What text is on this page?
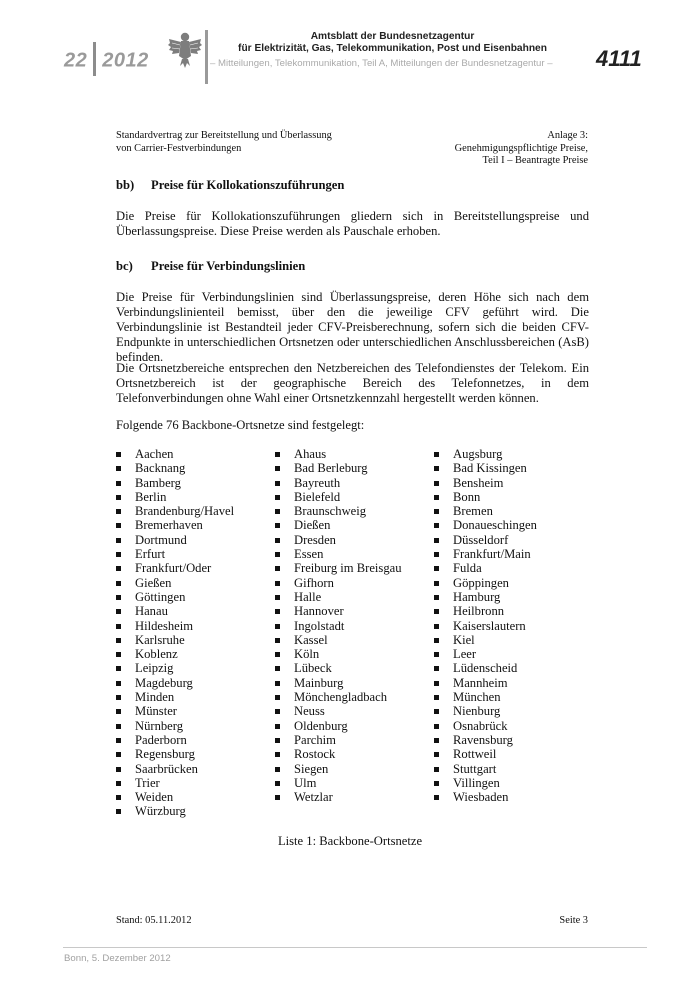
22 2012
Amtsblatt der Bundesnetzagentur
für Elektrizität, Gas, Telekommunikation, Post und Eisenbahnen
– Mitteilungen, Telekommunikation, Teil A, Mitteilungen der Bundesnetzagentur – 4111
Standardvertrag zur Bereitstellung und Überlassung
von Carrier-Festverbindungen
Anlage 3:
Genehmigungspflichtige Preise,
Teil I – Beantragte Preise
bb) Preise für Kollokationszuführungen
Die Preise für Kollokationszuführungen gliedern sich in Bereitstellungspreise und Überlassungspreise. Diese Preise werden als Pauschale erhoben.
bc) Preise für Verbindungslinien
Die Preise für Verbindungslinien sind Überlassungspreise, deren Höhe sich nach dem Verbindungslinienteil bemisst, über den die jeweilige CFV geführt wird. Die Verbindungslinie ist Bestandteil jeder CFV-Preisberechnung, sofern sich die beiden CFV-Endpunkte in unterschiedlichen Ortsnetzen oder unterschiedlichen Anschlussbereichen (AsB) befinden.
Die Ortsnetzbereiche entsprechen den Netzbereichen des Telefondienstes der Telekom. Ein Ortsnetzbereich ist der geographische Bereich des Telefonnetzes, in dem Telefonverbindungen ohne Wahl einer Ortsnetzkennzahl hergestellt werden können.
Folgende 76 Backbone-Ortsnetze sind festgelegt:
Aachen
Backnang
Bamberg
Berlin
Brandenburg/Havel
Bremerhaven
Dortmund
Erfurt
Frankfurt/Oder
Gießen
Göttingen
Hanau
Hildesheim
Karlsruhe
Koblenz
Leipzig
Magdeburg
Minden
Münster
Nürnberg
Paderborn
Regensburg
Saarbrücken
Trier
Weiden
Würzburg
Ahaus
Bad Berleburg
Bayreuth
Bielefeld
Braunschweig
Dießen
Dresden
Essen
Freiburg im Breisgau
Gifhorn
Halle
Hannover
Ingolstadt
Kassel
Köln
Lübeck
Mainburg
Mönchengladbach
Neuss
Oldenburg
Parchim
Rostock
Siegen
Ulm
Wetzlar
Augsburg
Bad Kissingen
Bensheim
Bonn
Bremen
Donaueschingen
Düsseldorf
Frankfurt/Main
Fulda
Göppingen
Hamburg
Heilbronn
Kaiserslautern
Kiel
Leer
Lüdenscheid
Mannheim
München
Nienburg
Osnabrück
Ravensburg
Rottweil
Stuttgart
Villingen
Wiesbaden
Liste 1: Backbone-Ortsnetze
Stand: 05.11.2012	Seite 3
Bonn, 5. Dezember 2012
